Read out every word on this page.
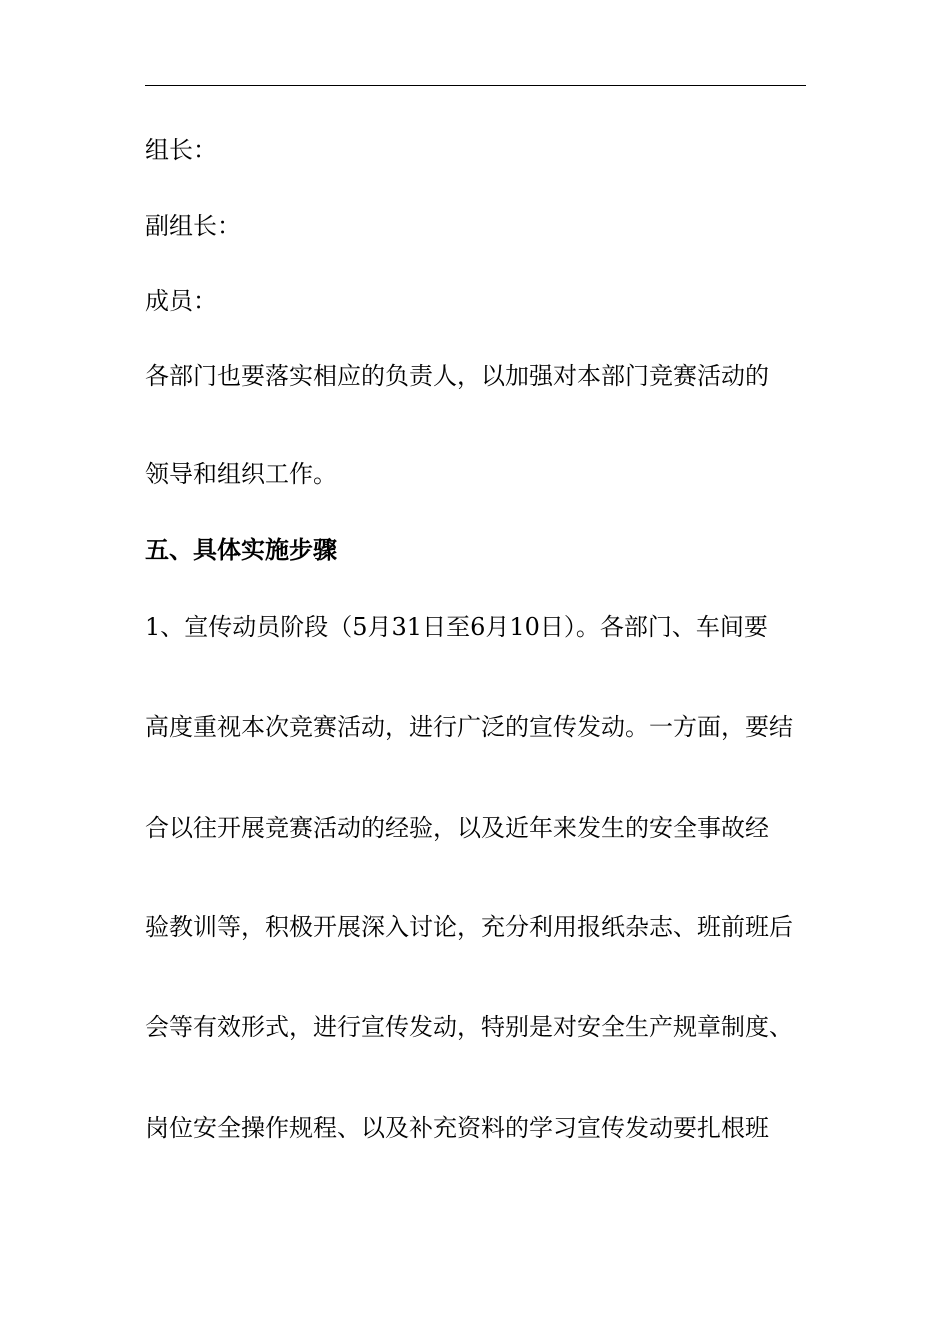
组长：
副组长：
成员：
各部门也要落实相应的负责人，以加强对本部门竞赛活动的
领导和组织工作。
五、具体实施步骤
1、宣传动员阶段（5月31日至6月10日）。各部门、车间要
高度重视本次竞赛活动，进行广泛的宣传发动。一方面，要结
合以往开展竞赛活动的经验，以及近年来发生的安全事故经
验教训等，积极开展深入讨论，充分利用报纸杂志、班前班后
会等有效形式，进行宣传发动，特别是对安全生产规章制度、
岗位安全操作规程、以及补充资料的学习宣传发动要扎根班
